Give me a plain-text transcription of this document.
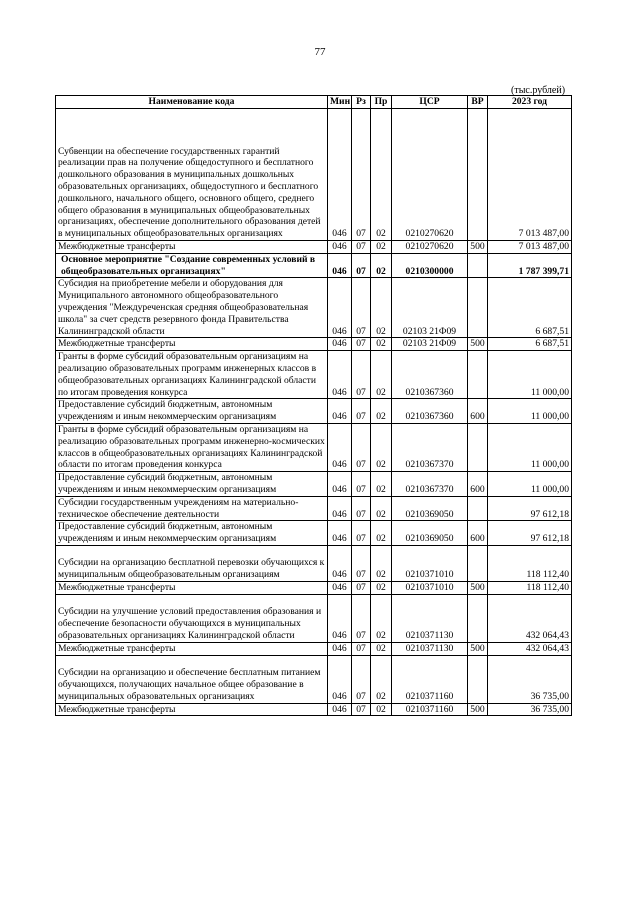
77
(тыс.рублей)
Наименование кода	Мин	Рз	Пр	ЦСР	ВР	2023 год
Субвенции на обеспечение государственных гарантий реализации прав на получение общедоступного и бесплатного дошкольного образования в муниципальных дошкольных образовательных организациях, общедоступного и бесплатного дошкольного, начального общего, основного общего, среднего общего образования в муниципальных общеобразовательных организациях, обеспечение дополнительного образования детей в муниципальных общеобразовательных организациях	046	07	02	0210270620		7 013 487,00
Межбюджетные трансферты	046	07	02	0210270620	500	7 013 487,00
Основное мероприятие "Создание современных условий в общеобразовательных организациях"	046	07	02	0210300000		1 787 399,71
Субсидия на приобретение мебели и оборудования для Муниципального автономного общеобразовательного учреждения "Междуреченская средняя общеобразовательная школа" за счет средств резервного фонда Правительства Калининградской области	046	07	02	02103 21Ф09		6 687,51
Межбюджетные трансферты	046	07	02	02103 21Ф09	500	6 687,51
Гранты в форме субсидий образовательным организациям на реализацию образовательных программ инженерных классов в общеобразовательных организациях Калининградской области по итогам проведения конкурса	046	07	02	0210367360		11 000,00
Предоставление субсидий бюджетным, автономным учреждениям и иным некоммерческим организациям	046	07	02	0210367360	600	11 000,00
Гранты в форме субсидий образовательным организациям на реализацию образовательных программ инженерно-космических классов в общеобразовательных организациях Калининградской области по итогам проведения конкурса	046	07	02	0210367370		11 000,00
Предоставление субсидий бюджетным, автономным учреждениям и иным некоммерческим организациям	046	07	02	0210367370	600	11 000,00
Субсидии государственным учреждениям на материально-техническое обеспечение деятельности	046	07	02	0210369050		97 612,18
Предоставление субсидий бюджетным, автономным учреждениям и иным некоммерческим организациям	046	07	02	0210369050	600	97 612,18
Субсидии на организацию бесплатной перевозки обучающихся к муниципальным общеобразовательным организациям	046	07	02	0210371010		118 112,40
Межбюджетные трансферты	046	07	02	0210371010	500	118 112,40
Субсидии на улучшение условий предоставления образования и обеспечение безопасности обучающихся в муниципальных образовательных организациях Калининградской области	046	07	02	0210371130		432 064,43
Межбюджетные трансферты	046	07	02	0210371130	500	432 064,43
Субсидии на организацию и обеспечение бесплатным питанием обучающихся, получающих начальное общее образование в муниципальных образовательных организациях	046	07	02	0210371160		36 735,00
Межбюджетные трансферты	046	07	02	0210371160	500	36 735,00
